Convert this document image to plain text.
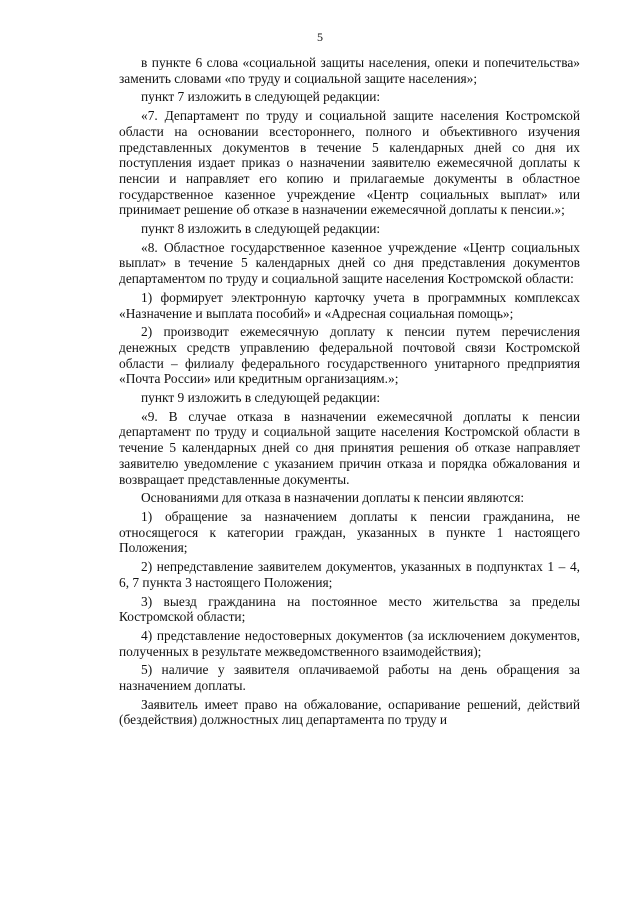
5

в пункте 6 слова «социальной защиты населения, опеки и попечительства» заменить словами «по труду и социальной защите населения»;

пункт 7 изложить в следующей редакции:

«7. Департамент по труду и социальной защите населения Костромской области на основании всестороннего, полного и объективного изучения представленных документов в течение 5 календарных дней со дня их поступления издает приказ о назначении заявителю ежемесячной доплаты к пенсии и направляет его копию и прилагаемые документы в областное государственное казенное учреждение «Центр социальных выплат» или принимает решение об отказе в назначении ежемесячной доплаты к пенсии.»;

пункт 8 изложить в следующей редакции:

«8. Областное государственное казенное учреждение «Центр социальных выплат» в течение 5 календарных дней со дня представления документов департаментом по труду и социальной защите населения Костромской области:

1) формирует электронную карточку учета в программных комплексах «Назначение и выплата пособий» и «Адресная социальная помощь»;

2) производит ежемесячную доплату к пенсии путем перечисления денежных средств управлению федеральной почтовой связи Костромской области – филиалу федерального государственного унитарного предприятия «Почта России» или кредитным организациям.»;

пункт 9 изложить в следующей редакции:

«9. В случае отказа в назначении ежемесячной доплаты к пенсии департамент по труду и социальной защите населения Костромской области в течение 5 календарных дней со дня принятия решения об отказе направляет заявителю уведомление с указанием причин отказа и порядка обжалования и возвращает представленные документы.

Основаниями для отказа в назначении доплаты к пенсии являются:

1) обращение за назначением доплаты к пенсии гражданина, не относящегося к категории граждан, указанных в пункте 1 настоящего Положения;

2) непредставление заявителем документов, указанных в подпунктах 1 – 4, 6, 7 пункта 3 настоящего Положения;

3) выезд гражданина на постоянное место жительства за пределы Костромской области;

4) представление недостоверных документов (за исключением документов, полученных в результате межведомственного взаимодействия);

5) наличие у заявителя оплачиваемой работы на день обращения за назначением доплаты.

Заявитель имеет право на обжалование, оспаривание решений, действий (бездействия) должностных лиц департамента по труду и
